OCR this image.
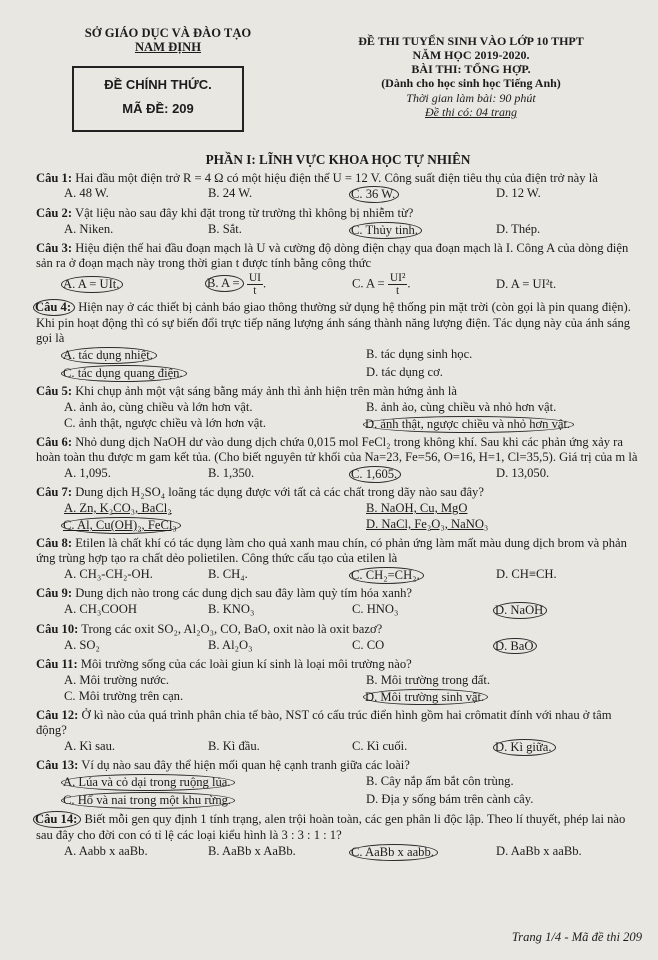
SỞ GIÁO DỤC VÀ ĐÀO TẠO
NAM ĐỊNH
ĐỀ CHÍNH THỨC.
MÃ ĐỀ: 209
ĐỀ THI TUYỂN SINH VÀO LỚP 10 THPT
NĂM HỌC 2019-2020.
BÀI THI: TỔNG HỢP.
(Dành cho học sinh học Tiếng Anh)
Thời gian làm bài: 90 phút
Đề thi có: 04 trang
PHẦN I: LĨNH VỰC KHOA HỌC TỰ NHIÊN
Câu 1: Hai đầu một điện trở R = 4 Ω có một hiệu điện thế U = 12 V. Công suất điện tiêu thụ của điện trở này là
A. 48 W.	B. 24 W.	C. 36 W.	D. 12 W.
Câu 2: Vật liệu nào sau đây khi đặt trong từ trường thì không bị nhiễm từ?
A. Niken.	B. Sắt.	C. Thủy tinh.	D. Thép.
Câu 3: Hiệu điện thế hai đầu đoạn mạch là U và cường độ dòng điện chạy qua đoạn mạch là I. Công A của dòng điện sản ra ở đoạn mạch này trong thời gian t được tính bằng công thức
A. A = UIt.	B. $A = \frac{UI}{t}$ .	C. $A = \frac{\text{UI²}}{t}$ .	D. A = UI²t.
Câu 4: Hiện nay ở các thiết bị cảnh báo giao thông thường sử dụng hệ thống pin mặt trời (còn gọi là pin quang điện). Khi pin hoạt động thì có sự biến đổi trực tiếp năng lượng ánh sáng thành năng lượng điện. Tác dụng này của ánh sáng gọi là
A. tác dụng nhiệt.	B. tác dụng sinh học.
C. tác dụng quang điện.	D. tác dụng cơ.
Câu 5: Khi chụp ảnh một vật sáng bằng máy ảnh thì ảnh hiện trên màn hứng ảnh là
A. ảnh ảo, cùng chiều và lớn hơn vật.	B. ảnh ảo, cùng chiều và nhỏ hơn vật.
C. ảnh thật, ngược chiều và lớn hơn vật.	D. ảnh thật, ngược chiều và nhỏ hơn vật.
Câu 6: Nhỏ dung dịch NaOH dư vào dung dịch chứa 0,015 mol FeCl₂ trong không khí. Sau khi các phản ứng xảy ra hoàn toàn thu được m gam kết tủa. (Cho biết nguyên tử khối của Na=23, Fe=56, O=16, H=1, Cl=35,5). Giá trị của m là
A. 1,095.	B. 1,350.	C. 1,605.	D. 13,050.
Câu 7: Dung dịch H₂SO₄ loãng tác dụng được với tất cả các chất trong dãy nào sau đây?
A. Zn, K₂CO₃, BaCl₂	B. NaOH, Cu, MgO
C. Al, Cu(OH)₂, FeCl₃	D. NaCl, Fe₂O₃, NaNO₃
Câu 8: Etilen là chất khí có tác dụng làm cho quả xanh mau chín, có phản ứng làm mất màu dung dịch brom và phản ứng trùng hợp tạo ra chất dẻo polietilen. Công thức cấu tạo của etilen là
A. CH₃-CH₂-OH.	B. CH₄.	C. CH₂=CH₂.	D. CH≡CH.
Câu 9: Dung dịch nào trong các dung dịch sau đây làm quỳ tím hóa xanh?
A. CH₃COOH	B. KNO₃	C. HNO₃	D. NaOH
Câu 10: Trong các oxit SO₂, Al₂O₃, CO, BaO, oxit nào là oxit bazơ?
A. SO₂	B. Al₂O₃	C. CO	D. BaO
Câu 11: Môi trường sống của các loài giun kí sinh là loại môi trường nào?
A. Môi trường nước.	B. Môi trường trong đất.
C. Môi trường trên cạn.	D. Môi trường sinh vật.
Câu 12: Ở kì nào của quá trình phân chia tế bào, NST có cấu trúc điển hình gồm hai crômatit đính với nhau ở tâm động?
A. Kì sau.	B. Kì đầu.	C. Kì cuối.	D. Kì giữa.
Câu 13: Ví dụ nào sau đây thể hiện mối quan hệ cạnh tranh giữa các loài?
A. Lúa và cỏ dại trong ruộng lúa.	B. Cây nắp ấm bắt côn trùng.
C. Hổ và nai trong một khu rừng.	D. Địa y sống bám trên cành cây.
Câu 14: Biết mỗi gen quy định 1 tính trạng, alen trội hoàn toàn, các gen phân li độc lập. Theo lí thuyết, phép lai nào sau đây cho đời con có tỉ lệ các loại kiểu hình là 3 : 3 : 1 : 1?
A. Aabb x aaBb.	B. AaBb x AaBb.	C. AaBb x aabb.	D. AaBb x aaBb.
Trang 1/4 - Mã đề thi 209
